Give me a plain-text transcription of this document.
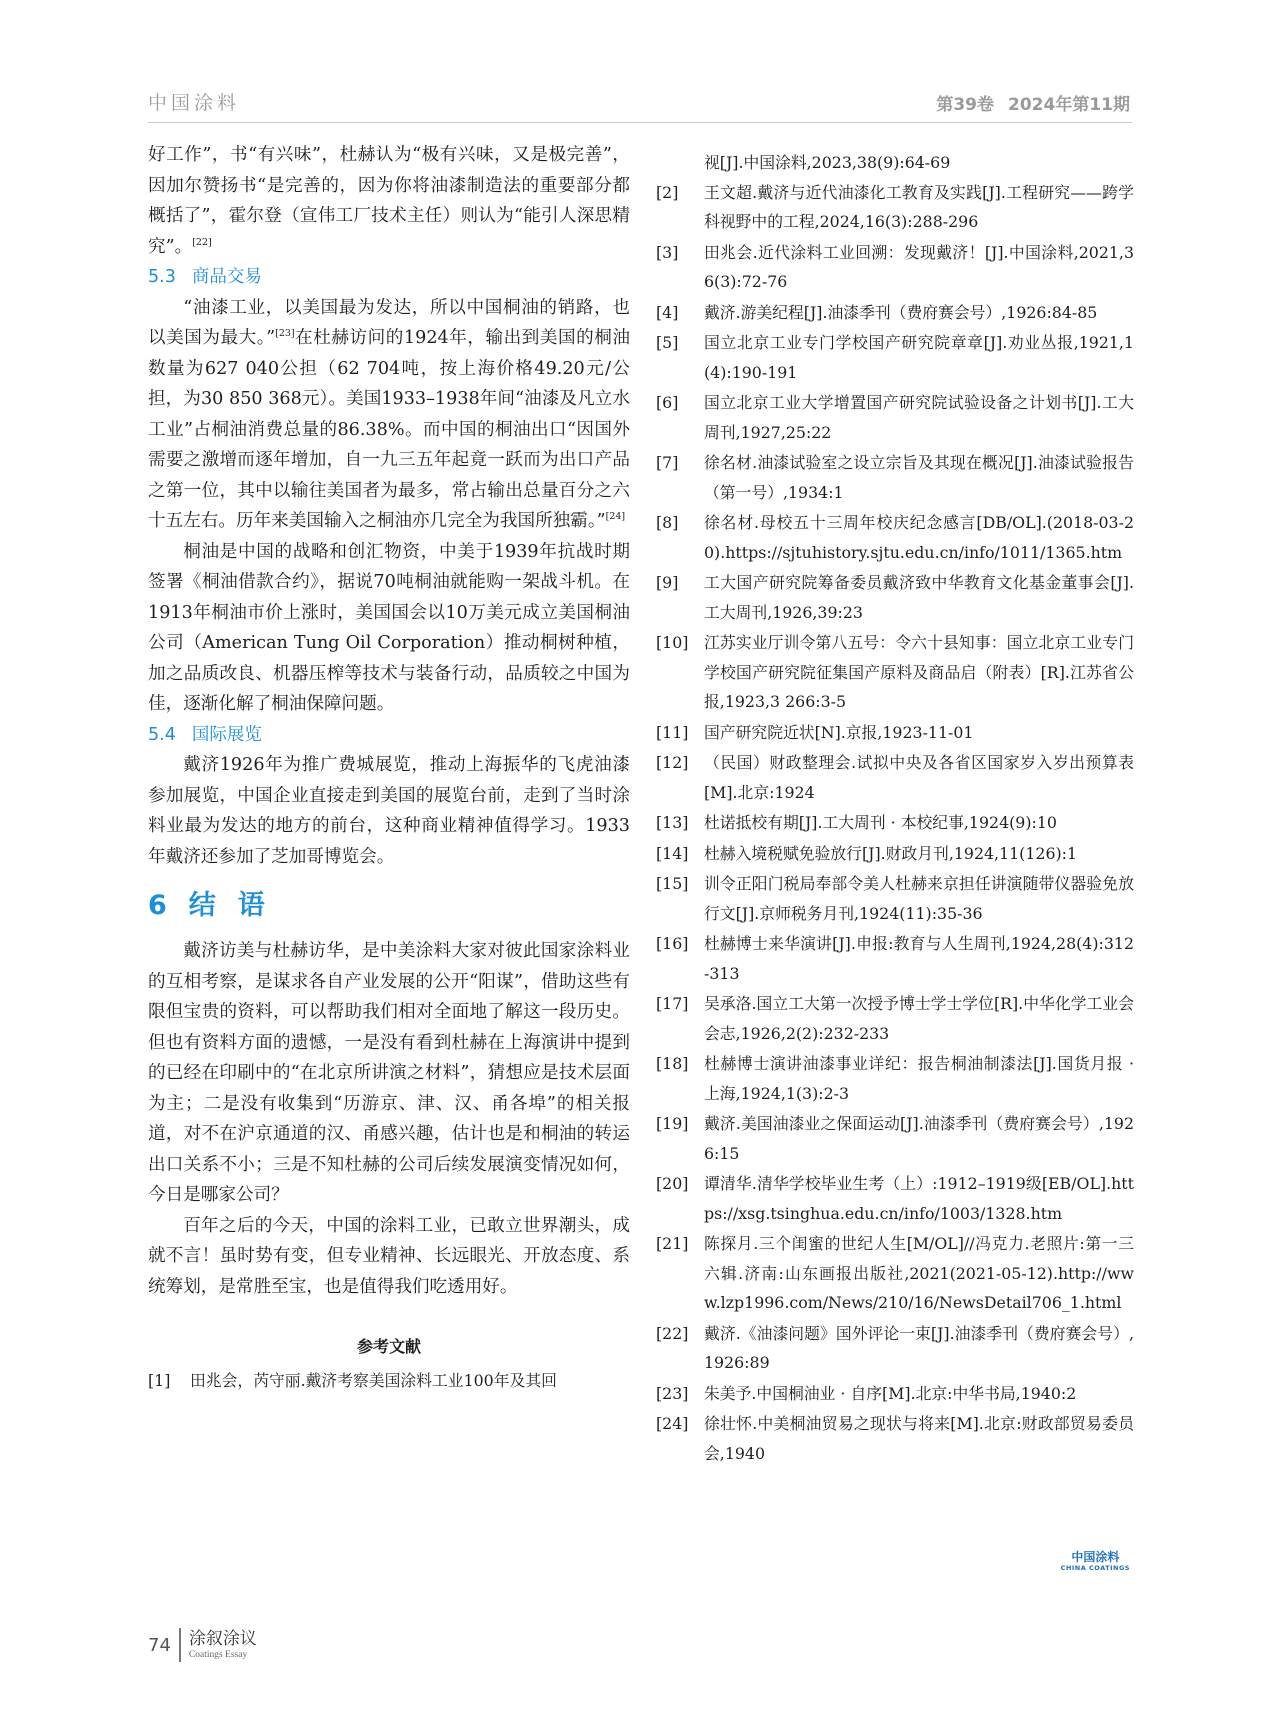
中国涂料	第39卷 2024年第11期

好工作”，书“有兴味”，杜赫认为“极有兴味，又是极完善”，因加尔赞扬书“是完善的，因为你将油漆制造法的重要部分都概括了”，霍尔登（宣伟工厂技术主任）则认为“能引人深思精究”。[22]

5.3 商品交易

“油漆工业，以美国最为发达，所以中国桐油的销路，也以美国为最大。”[23]在杜赫访问的1924年，输出到美国的桐油数量为627 040公担（62 704吨，按上海价格49.20元/公担，为30 850 368元）。美国1933–1938年间“油漆及凡立水工业”占桐油消费总量的86.38%。而中国的桐油出口“因国外需要之激增而逐年增加，自一九三五年起竟一跃而为出口产品之第一位，其中以输往美国者为最多，常占输出总量百分之六十五左右。历年来美国输入之桐油亦几完全为我国所独霸。”[24]

桐油是中国的战略和创汇物资，中美于1939年抗战时期签署《桐油借款合约》，据说70吨桐油就能购一架战斗机。在1913年桐油市价上涨时，美国国会以10万美元成立美国桐油公司（American Tung Oil Corporation）推动桐树种植，加之品质改良、机器压榨等技术与装备行动，品质较之中国为佳，逐渐化解了桐油保障问题。

5.4 国际展览

戴济1926年为推广费城展览，推动上海振华的飞虎油漆参加展览，中国企业直接走到美国的展览台前，走到了当时涂料业最为发达的地方的前台，这种商业精神值得学习。1933年戴济还参加了芝加哥博览会。

6 结语

戴济访美与杜赫访华，是中美涂料大家对彼此国家涂料业的互相考察，是谋求各自产业发展的公开“阳谋”，借助这些有限但宝贵的资料，可以帮助我们相对全面地了解这一段历史。但也有资料方面的遗憾，一是没有看到杜赫在上海演讲中提到的已经在印刷中的“在北京所讲演之材料”，猜想应是技术层面为主；二是没有收集到“历游京、津、汉、甬各埠”的相关报道，对不在沪京通道的汉、甬感兴趣，估计也是和桐油的转运出口关系不小；三是不知杜赫的公司后续发展演变情况如何，今日是哪家公司？

百年之后的今天，中国的涂料工业，已敢立世界潮头，成就不言！虽时势有变，但专业精神、长远眼光、开放态度、系统筹划，是常胜至宝，也是值得我们吃透用好。

参考文献
[1]	田兆会，芮守丽.戴济考察美国涂料工业100年及其回
视[J].中国涂料,2023,38(9):64-69
[2]	王文超.戴济与近代油漆化工教育及实践[J].工程研究——跨学科视野中的工程,2024,16(3):288-296
[3]	田兆会.近代涂料工业回溯：发现戴济！[J].中国涂料,2021,36(3):72-76
[4]	戴济.游美纪程[J].油漆季刊（费府赛会号）,1926:84-85
[5]	国立北京工业专门学校国产研究院章章[J].劝业丛报,1921,1(4):190-191
[6]	国立北京工业大学增置国产研究院试验设备之计划书[J].工大周刊,1927,25:22
[7]	徐名材.油漆试验室之设立宗旨及其现在概况[J].油漆试验报告（第一号）,1934:1
[8]	徐名材.母校五十三周年校庆纪念感言[DB/OL].(2018-03-20).https://sjtuhistory.sjtu.edu.cn/info/1011/1365.htm
[9]	工大国产研究院筹备委员戴济致中华教育文化基金董事会[J].工大周刊,1926,39:23
[10] 江苏实业厅训令第八五号：令六十县知事：国立北京工业专门学校国产研究院征集国产原料及商品启（附表）[R].江苏省公报,1923,3 266:3-5
[11] 国产研究院近状[N].京报,1923-11-01
[12] （民国）财政整理会.试拟中央及各省区国家岁入岁出预算表[M].北京:1924
[13] 杜诺抵校有期[J].工大周刊 · 本校纪事,1924(9):10
[14] 杜赫入境税赋免验放行[J].财政月刊,1924,11(126):1
[15] 训令正阳门税局奉部令美人杜赫来京担任讲演随带仪器验免放行文[J].京师税务月刊,1924(11):35-36
[16] 杜赫博士来华演讲[J].申报:教育与人生周刊,1924,28(4):312-313
[17] 吴承洛.国立工大第一次授予博士学士学位[R].中华化学工业会会志,1926,2(2):232-233
[18] 杜赫博士演讲油漆事业详纪：报告桐油制漆法[J].国货月报 · 上海,1924,1(3):2-3
[19] 戴济.美国油漆业之保面运动[J].油漆季刊（费府赛会号）,1926:15
[20] 谭清华.清华学校毕业生考（上）:1912–1919级[EB/OL].https://xsg.tsinghua.edu.cn/info/1003/1328.htm
[21] 陈探月.三个闺蜜的世纪人生[M/OL]//冯克力.老照片:第一三六辑.济南:山东画报出版社,2021(2021-05-12).http://www.lzp1996.com/News/210/16/NewsDetail706_1.html
[22] 戴济.《油漆问题》国外评论一束[J].油漆季刊（费府赛会号）,1926:89
[23] 朱美予.中国桐油业 · 自序[M].北京:中华书局,1940:2
[24] 徐壮怀.中美桐油贸易之现状与将来[M].北京:财政部贸易委员会,1940
中国涂料
CHINA COATINGS
74 涂叙涂议
Coatings Essay
